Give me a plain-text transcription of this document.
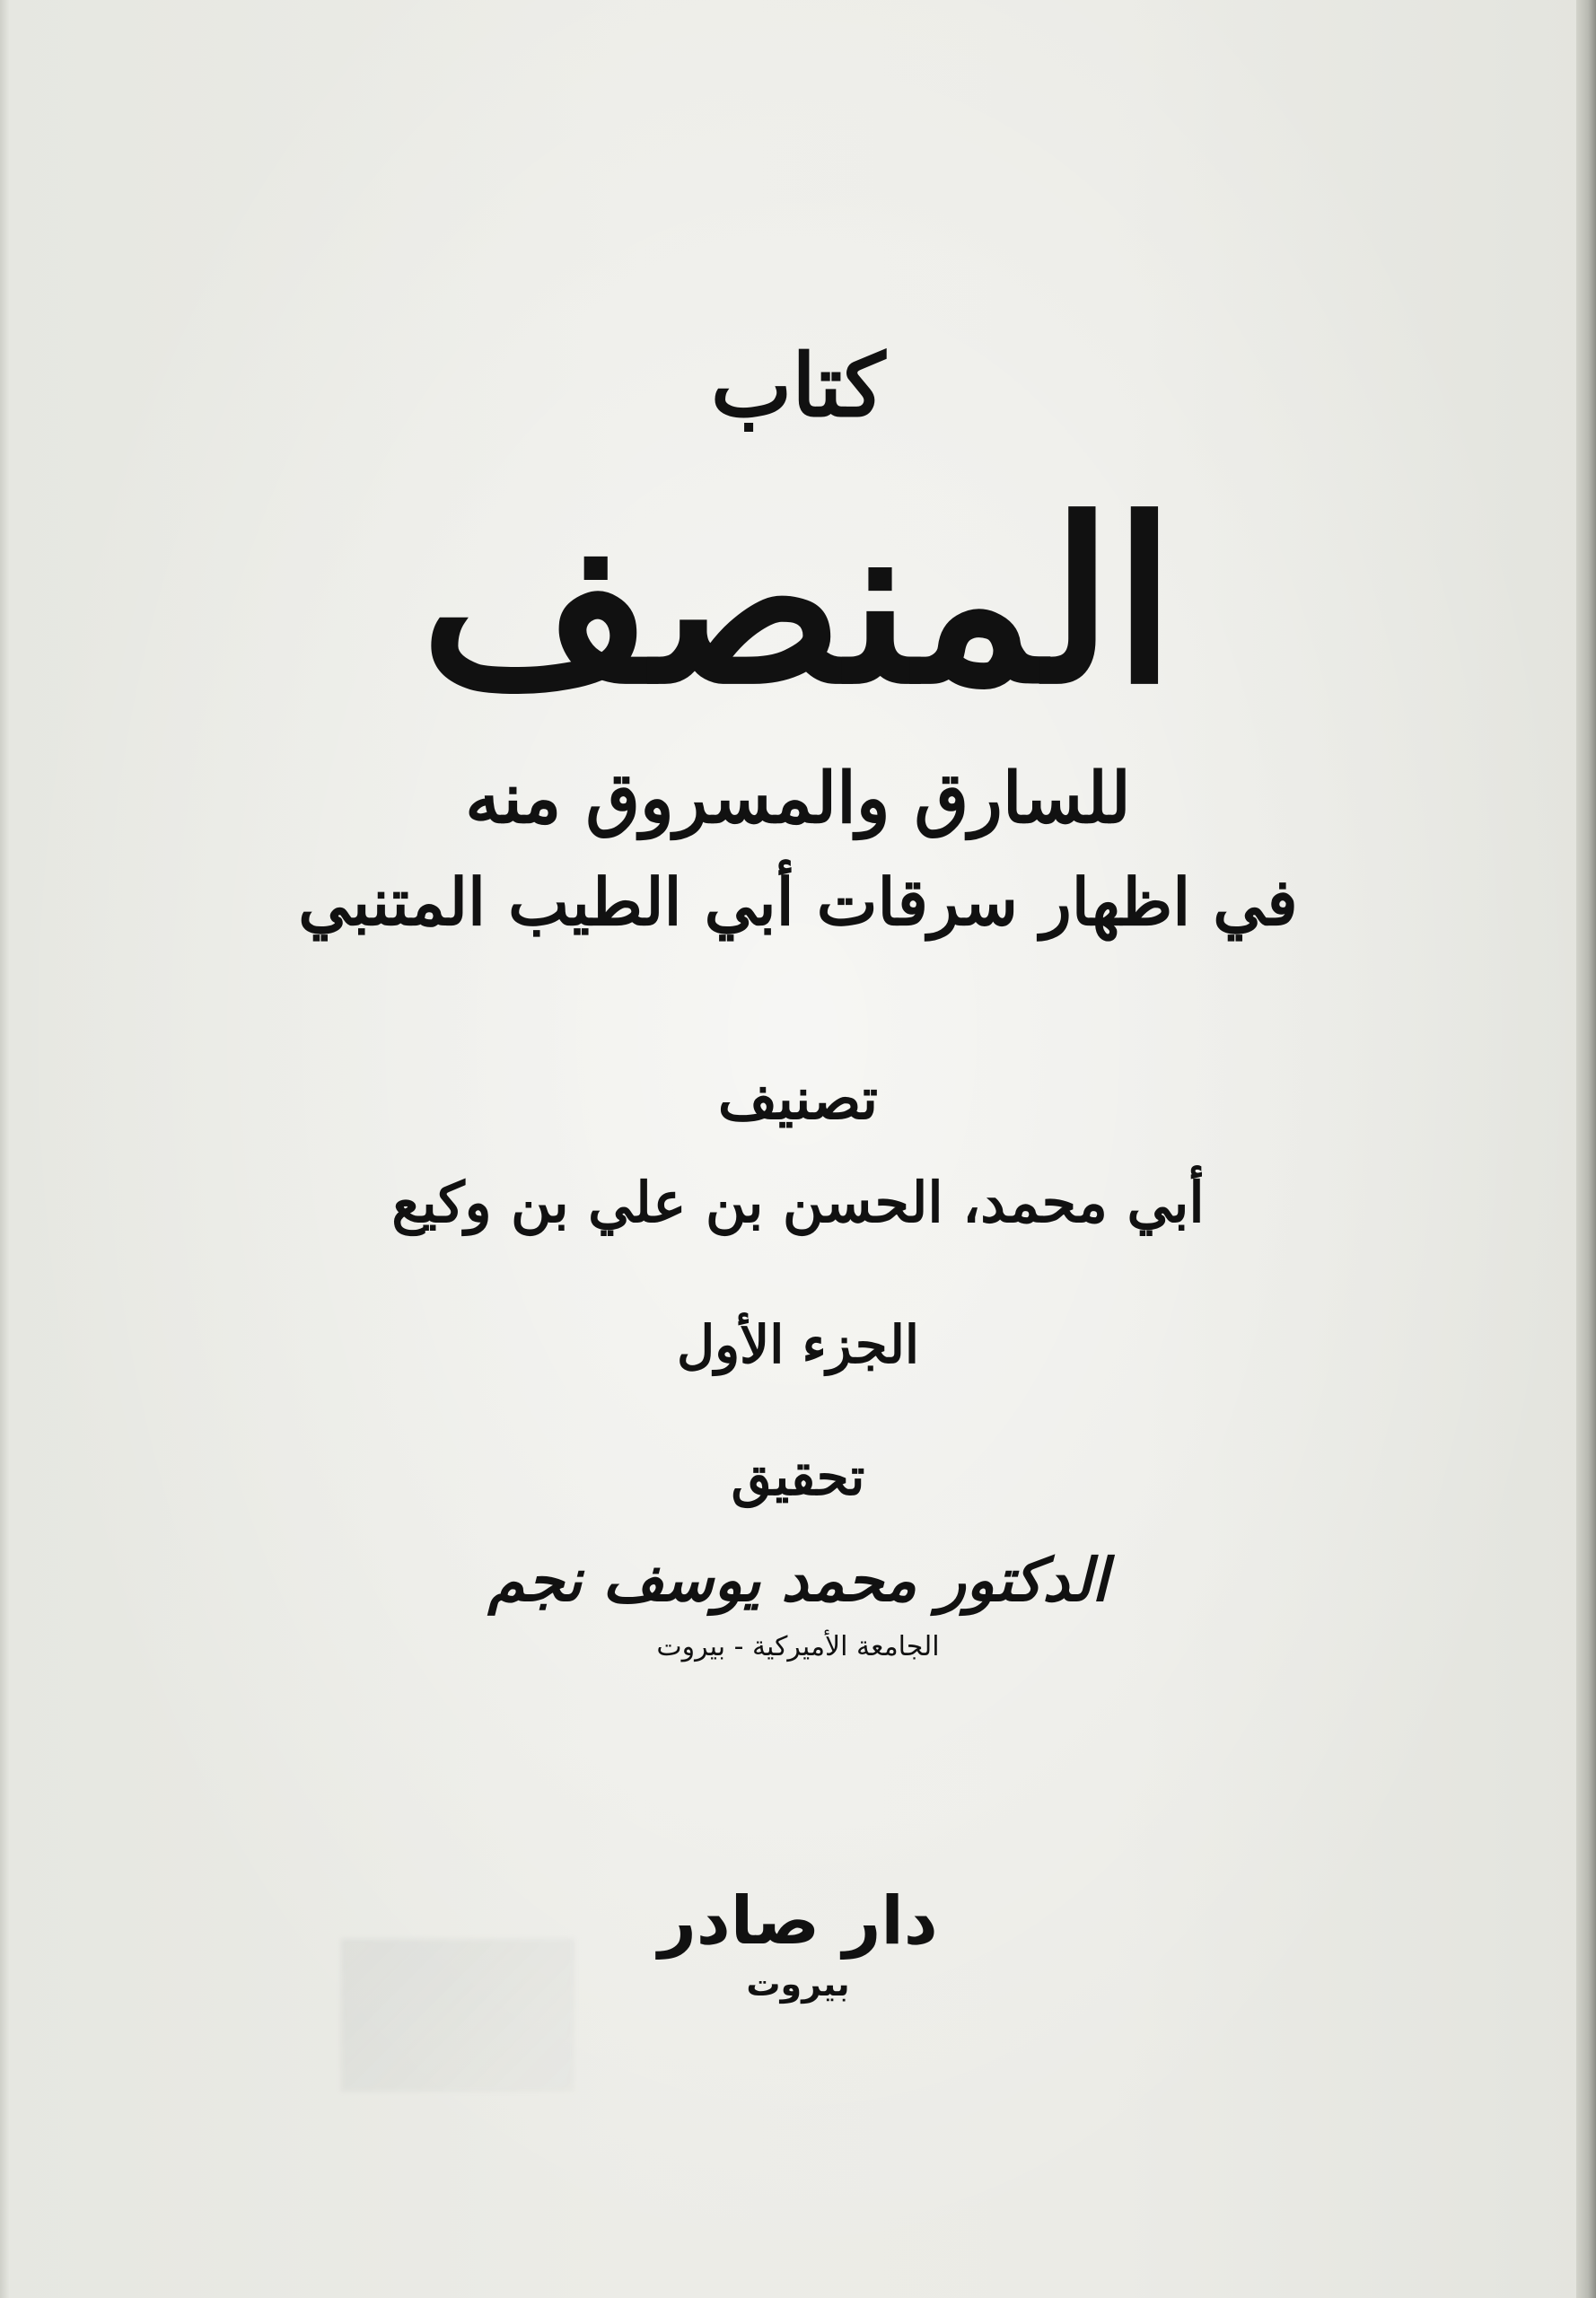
كتاب
المنصف
للسارق والمسروق منه
في اظهار سرقات أبي الطيب المتنبي
تصنيف
أبي محمد، الحسن بن علي بن وكيع
الجزء الأول
تحقيق
الدكتور محمد يوسف نجم
الجامعة الأميركية - بيروت
دار صادر
بيروت
